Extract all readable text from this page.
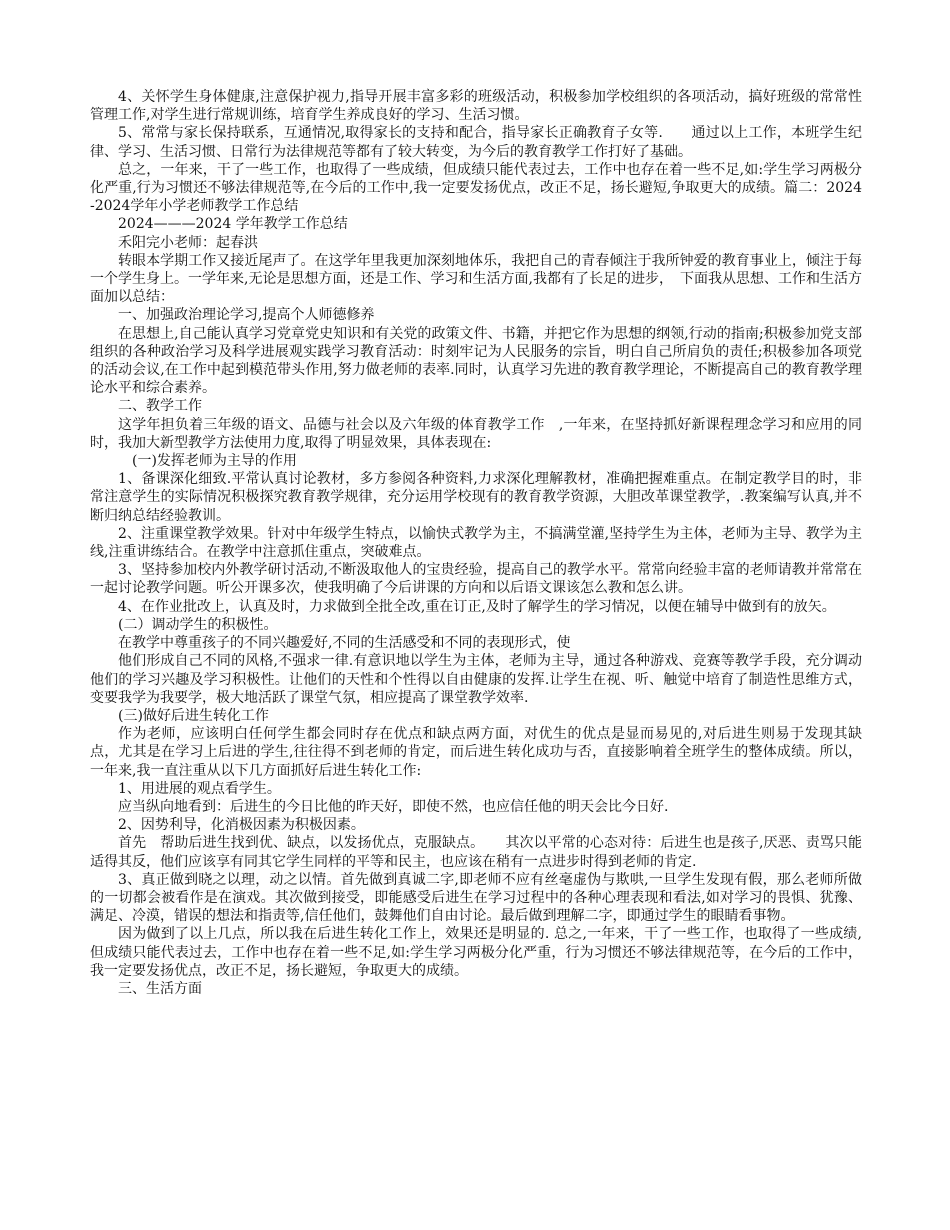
4、关怀学生身体健康,注意保护视力,指导开展丰富多彩的班级活动，积极参加学校组织的各项活动，搞好班级的常常性管理工作,对学生进行常规训练，培育学生养成良好的学习、生活习惯。

5、常常与家长保持联系，互通情况,取得家长的支持和配合，指导家长正确教育子女等.　　通过以上工作，本班学生纪律、学习、生活习惯、日常行为法律规范等都有了较大转变，为今后的教育教学工作打好了基础。

总之，一年来，干了一些工作，也取得了一些成绩，但成绩只能代表过去，工作中也存在着一些不足,如:学生学习两极分化严重,行为习惯还不够法律规范等,在今后的工作中,我一定要发扬优点，改正不足，扬长避短,争取更大的成绩。篇二：2024-2024学年小学老师教学工作总结

2024———2024 学年教学工作总结

禾阳完小老师：起春洪

转眼本学期工作又接近尾声了。在这学年里我更加深刻地体乐，我把自己的青春倾注于我所钟爱的教育事业上，倾注于每一个学生身上。一学年来,无论是思想方面，还是工作、学习和生活方面,我都有了长足的进步，　下面我从思想、工作和生活方面加以总结：

一、加强政治理论学习,提高个人师德修养

在思想上,自己能认真学习党章党史知识和有关党的政策文件、书籍，并把它作为思想的纲领,行动的指南;积极参加党支部组织的各种政治学习及科学进展观实践学习教育活动：时刻牢记为人民服务的宗旨，明白自己所肩负的责任;积极参加各项党的活动会议,在工作中起到模范带头作用,努力做老师的表率.同时，认真学习先进的教育教学理论，不断提高自己的教育教学理论水平和综合素养。

二、教学工作

这学年担负着三年级的语文、品德与社会以及六年级的体育教学工作　,一年来，在坚持抓好新课程理念学习和应用的同时，我加大新型教学方法使用力度,取得了明显效果，具体表现在:

(一)发挥老师为主导的作用

1、备课深化细致.平常认真讨论教材，多方参阅各种资料,力求深化理解教材，准确把握难重点。在制定教学目的时，非常注意学生的实际情况积极探究教育教学规律，充分运用学校现有的教育教学资源，大胆改革课堂教学，.教案编写认真,并不断归纳总结经验教训。

2、注重课堂教学效果。针对中年级学生特点，以愉快式教学为主，不搞满堂灌,坚持学生为主体，老师为主导、教学为主线,注重讲练结合。在教学中注意抓住重点，突破难点。

3、坚持参加校内外教学研讨活动,不断汲取他人的宝贵经验，提高自己的教学水平。常常向经验丰富的老师请教并常常在一起讨论教学问题。听公开课多次，使我明确了今后讲课的方向和以后语文课该怎么教和怎么讲。

4、在作业批改上，认真及时，力求做到全批全改,重在订正,及时了解学生的学习情况，以便在辅导中做到有的放矢。

(二）调动学生的积极性。

在教学中尊重孩子的不同兴趣爱好,不同的生活感受和不同的表现形式，使

他们形成自己不同的风格,不强求一律.有意识地以学生为主体，老师为主导，通过各种游戏、竞赛等教学手段，充分调动他们的学习兴趣及学习积极性。让他们的天性和个性得以自由健康的发挥.让学生在视、听、触觉中培育了制造性思维方式，变要我学为我要学，极大地活跃了课堂气氛，相应提高了课堂教学效率.

(三)做好后进生转化工作

作为老师，应该明白任何学生都会同时存在优点和缺点两方面，对优生的优点是显而易见的,对后进生则易于发现其缺点，尤其是在学习上后进的学生,往往得不到老师的肯定，而后进生转化成功与否，直接影响着全班学生的整体成绩。所以，一年来,我一直注重从以下几方面抓好后进生转化工作:

1、用进展的观点看学生。

应当纵向地看到：后进生的今日比他的昨天好，即使不然，也应信任他的明天会比今日好.

2、因势利导，化消极因素为积极因素。

首先　帮助后进生找到优、缺点，以发扬优点，克服缺点。　　其次以平常的心态对待：后进生也是孩子,厌恶、责骂只能适得其反，他们应该享有同其它学生同样的平等和民主，也应该在稍有一点进步时得到老师的肯定.

3、真正做到晓之以理，动之以情。首先做到真诚二字,即老师不应有丝毫虚伪与欺哄,一旦学生发现有假，那么老师所做的一切都会被看作是在演戏。其次做到接受，即能感受后进生在学习过程中的各种心理表现和看法,如对学习的畏惧、犹豫、满足、冷漠，错误的想法和指责等,信任他们，鼓舞他们自由讨论。最后做到理解二字，即通过学生的眼睛看事物。

因为做到了以上几点，所以我在后进生转化工作上，效果还是明显的. 总之,一年来，干了一些工作，也取得了一些成绩,但成绩只能代表过去，工作中也存在着一些不足,如:学生学习两极分化严重，行为习惯还不够法律规范等，在今后的工作中，我一定要发扬优点，改正不足，扬长避短，争取更大的成绩。

三、生活方面
